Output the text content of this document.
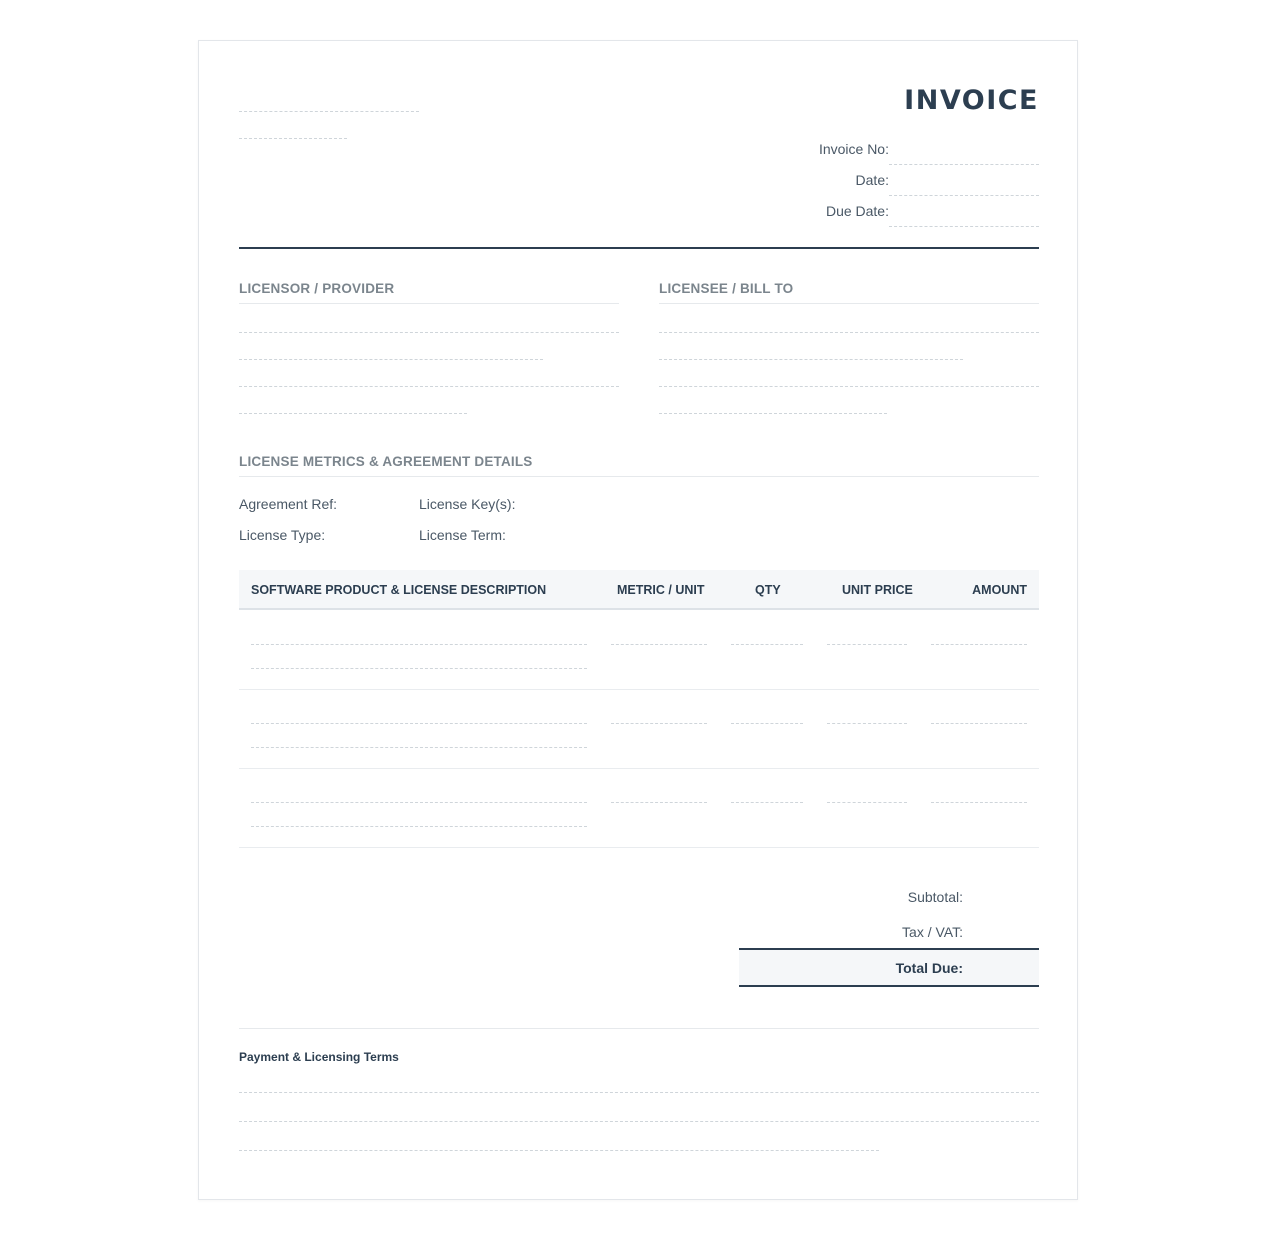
INVOICE
Invoice No:
Date:
Due Date:
LICENSOR / PROVIDER	LICENSEE / BILL TO
LICENSE METRICS & AGREEMENT DETAILS
Agreement Ref:	License Key(s):
License Type:	License Term:
SOFTWARE PRODUCT & LICENSE DESCRIPTION	METRIC / UNIT	QTY	UNIT PRICE	AMOUNT
Subtotal:
Tax / VAT:
Total Due:
Payment & Licensing Terms
